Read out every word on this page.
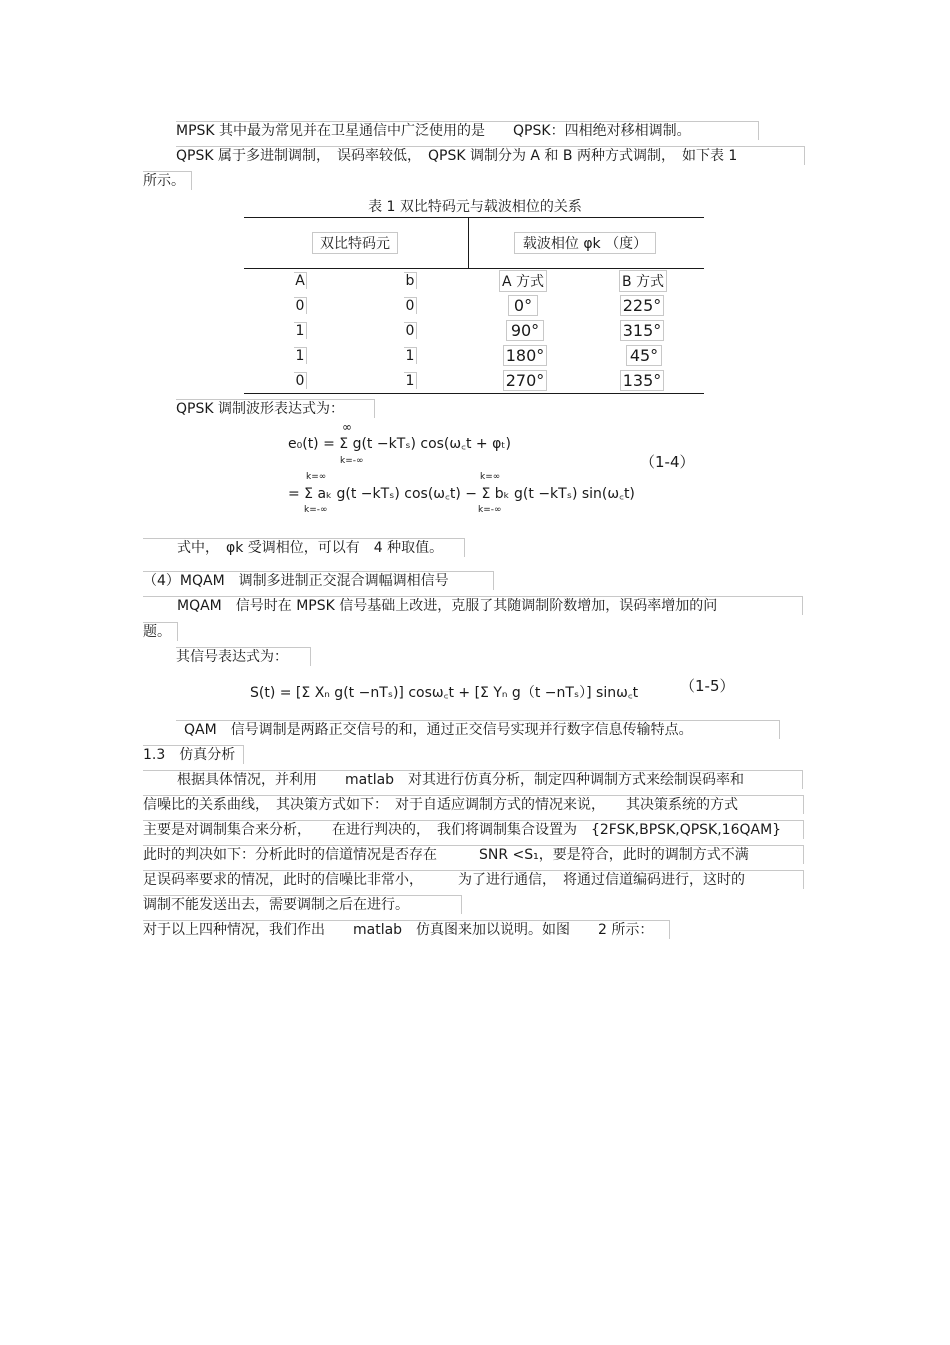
MPSK 其中最为常见并在卫星通信中广泛使用的是　　QPSK：四相绝对移相调制。
QPSK 属于多进制调制，　误码率较低，　QPSK 调制分为 A 和 B 两种方式调制，　如下表 1
所示。
表 1 双比特码元与载波相位的关系
双比特码元	载波相位 φk （度）
A	b	A 方式	B 方式
0	0	0°	225°
1	0	90°	315°
1	1	180°	45°
0	1	270°	135°
QPSK 调制波形表达式为：
e₀(t) = Σ g(t −kTₛ) cos(ω꜀t + φₜ)
∞
k=-∞
= Σ aₖ g(t −kTₛ) cos(ω꜀t) − Σ bₖ g(t −kTₛ) sin(ω꜀t)
k=∞
k=-∞
k=∞
k=-∞
（1-4）
式中，　φk 受调相位，可以有　4 种取值。
（4）MQAM　调制多进制正交混合调幅调相信号
MQAM　信号时在 MPSK 信号基础上改进，克服了其随调制阶数增加，误码率增加的问
题。
其信号表达式为：
S(t) = [Σ Xₙ g(t −nTₛ)] cosω꜀t + [Σ Yₙ g（t −nTₛ）] sinω꜀t	（1-5）
QAM　信号调制是两路正交信号的和，通过正交信号实现并行数字信息传输特点。
1.3　仿真分析
根据具体情况，并利用　　matlab　对其进行仿真分析，制定四种调制方式来绘制误码率和
信噪比的关系曲线，　其决策方式如下：　对于自适应调制方式的情况来说，　　其决策系统的方式
主要是对调制集合来分析，　　在进行判决的，　我们将调制集合设置为　{2FSK,BPSK,QPSK,16QAM}
此时的判决如下：分析此时的信道情况是否存在　　　SNR <S₁，要是符合，此时的调制方式不满
足误码率要求的情况，此时的信噪比非常小，　　　为了进行通信，　将通过信道编码进行，这时的
调制不能发送出去，需要调制之后在进行。
对于以上四种情况，我们作出　　matlab　仿真图来加以说明。如图　　2 所示：
